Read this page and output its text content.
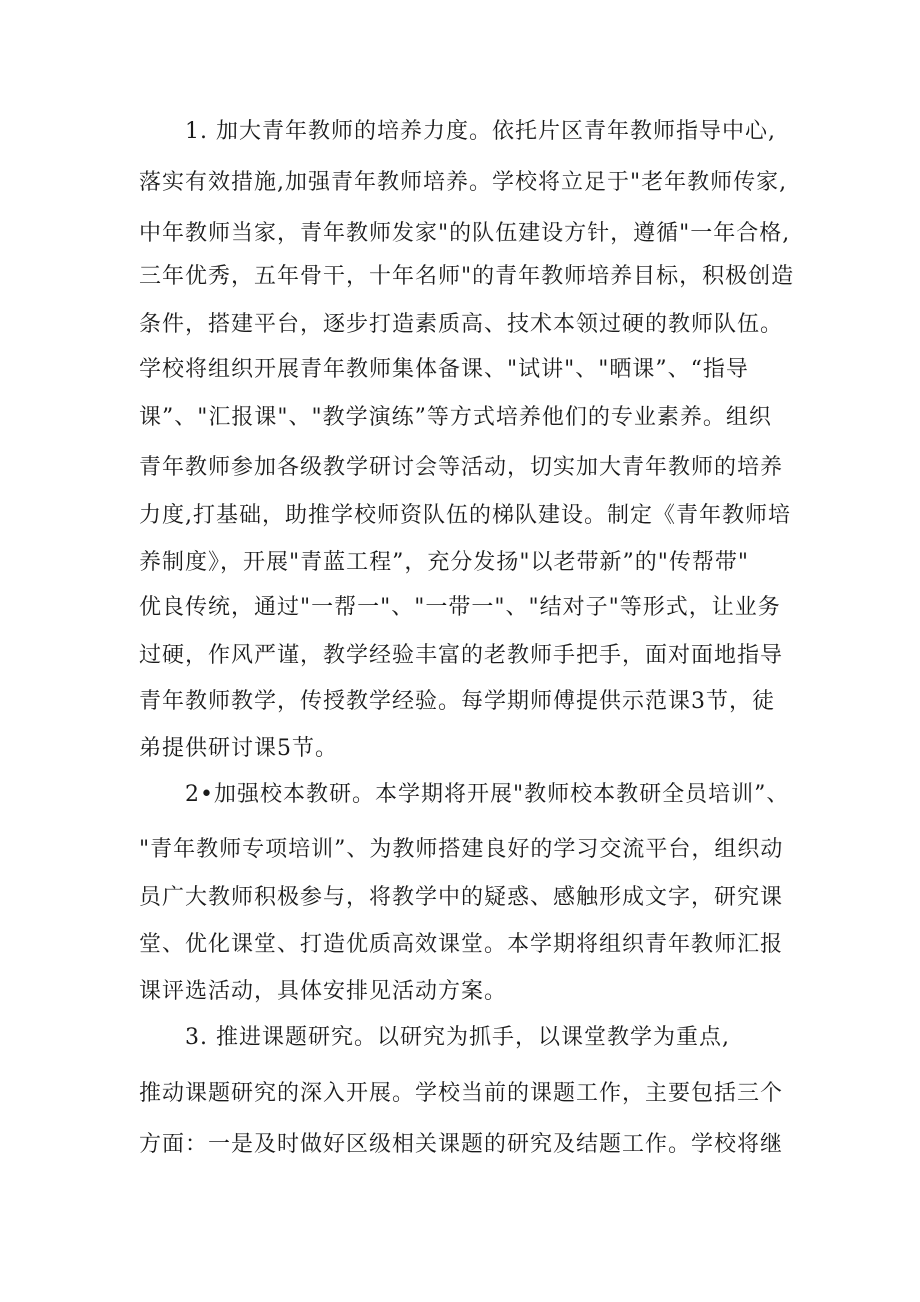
1. 加大青年教师的培养力度。依托片区青年教师指导中心,
落实有效措施,加强青年教师培养。学校将立足于"老年教师传家,
中年教师当家，青年教师发家"的队伍建设方针，遵循"一年合格,
三年优秀，五年骨干，十年名师"的青年教师培养目标，积极创造
条件，搭建平台，逐步打造素质高、技术本领过硬的教师队伍。
学校将组织开展青年教师集体备课、"试讲"、"晒课”、“指导
课”、"汇报课"、"教学演练”等方式培养他们的专业素养。组织
青年教师参加各级教学研讨会等活动，切实加大青年教师的培养
力度,打基础，助推学校师资队伍的梯队建设。制定《青年教师培
养制度》，开展"青蓝工程”，充分发扬"以老带新”的"传帮带"
优良传统，通过"一帮一"、"一带一"、"结对子"等形式，让业务
过硬，作风严谨，教学经验丰富的老教师手把手，面对面地指导
青年教师教学，传授教学经验。每学期师傅提供示范课3节，徒
弟提供研讨课5节。
2•加强校本教研。本学期将开展"教师校本教研全员培训”、
"青年教师专项培训”、为教师搭建良好的学习交流平台，组织动
员广大教师积极参与，将教学中的疑惑、感触形成文字，研究课
堂、优化课堂、打造优质高效课堂。本学期将组织青年教师汇报
课评选活动，具体安排见活动方案。
3. 推进课题研究。以研究为抓手，以课堂教学为重点,
推动课题研究的深入开展。学校当前的课题工作，主要包括三个
方面：一是及时做好区级相关课题的研究及结题工作。学校将继
